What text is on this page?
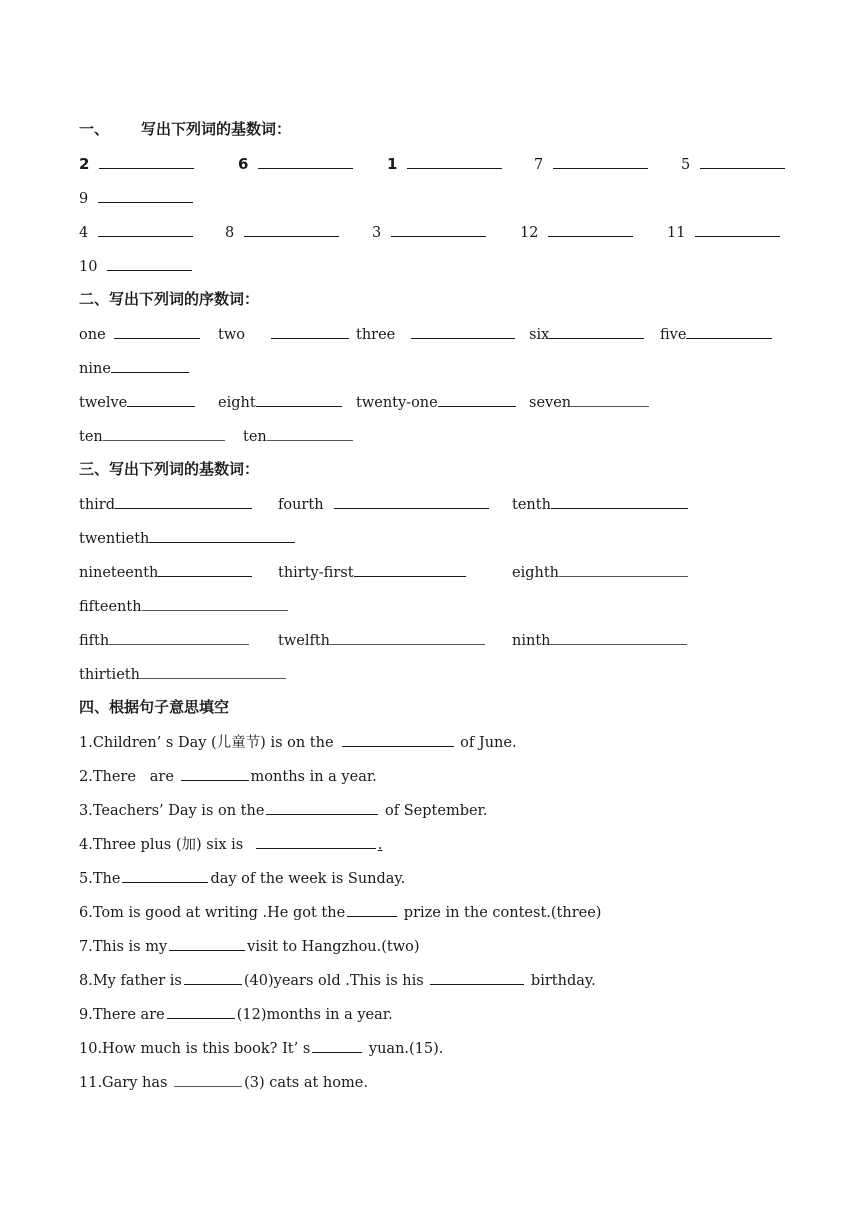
一、 写出下列词的基数词：
2	6	1	7	5
9
4	8	3	12	11
10
二、写出下列词的序数词：
one	two	three	six	five
nine
twelve	eight	twenty-one	seven
ten	ten
三、写出下列词的基数词：
third	fourth	tenth
twentieth
nineteenth	thirty-first	eighth
fifteenth
fifth	twelfth	ninth
thirtieth
四、根据句子意思填空
1.Children’ s Day (儿童节) is on the	of June.
2.There   are	months in a year.
3.Teachers’ Day is on the	of September.
4.Three plus (加) six is	.
5.The	day of the week is Sunday.
6.Tom is good at writing .He got the	prize in the contest.(three)
7.This is my	visit to Hangzhou.(two)
8.My father is	(40)years old .This is his	birthday.
9.There are	(12)months in a year.
10.How much is this book? It’ s	yuan.(15).
11.Gary has	(3) cats at home.
